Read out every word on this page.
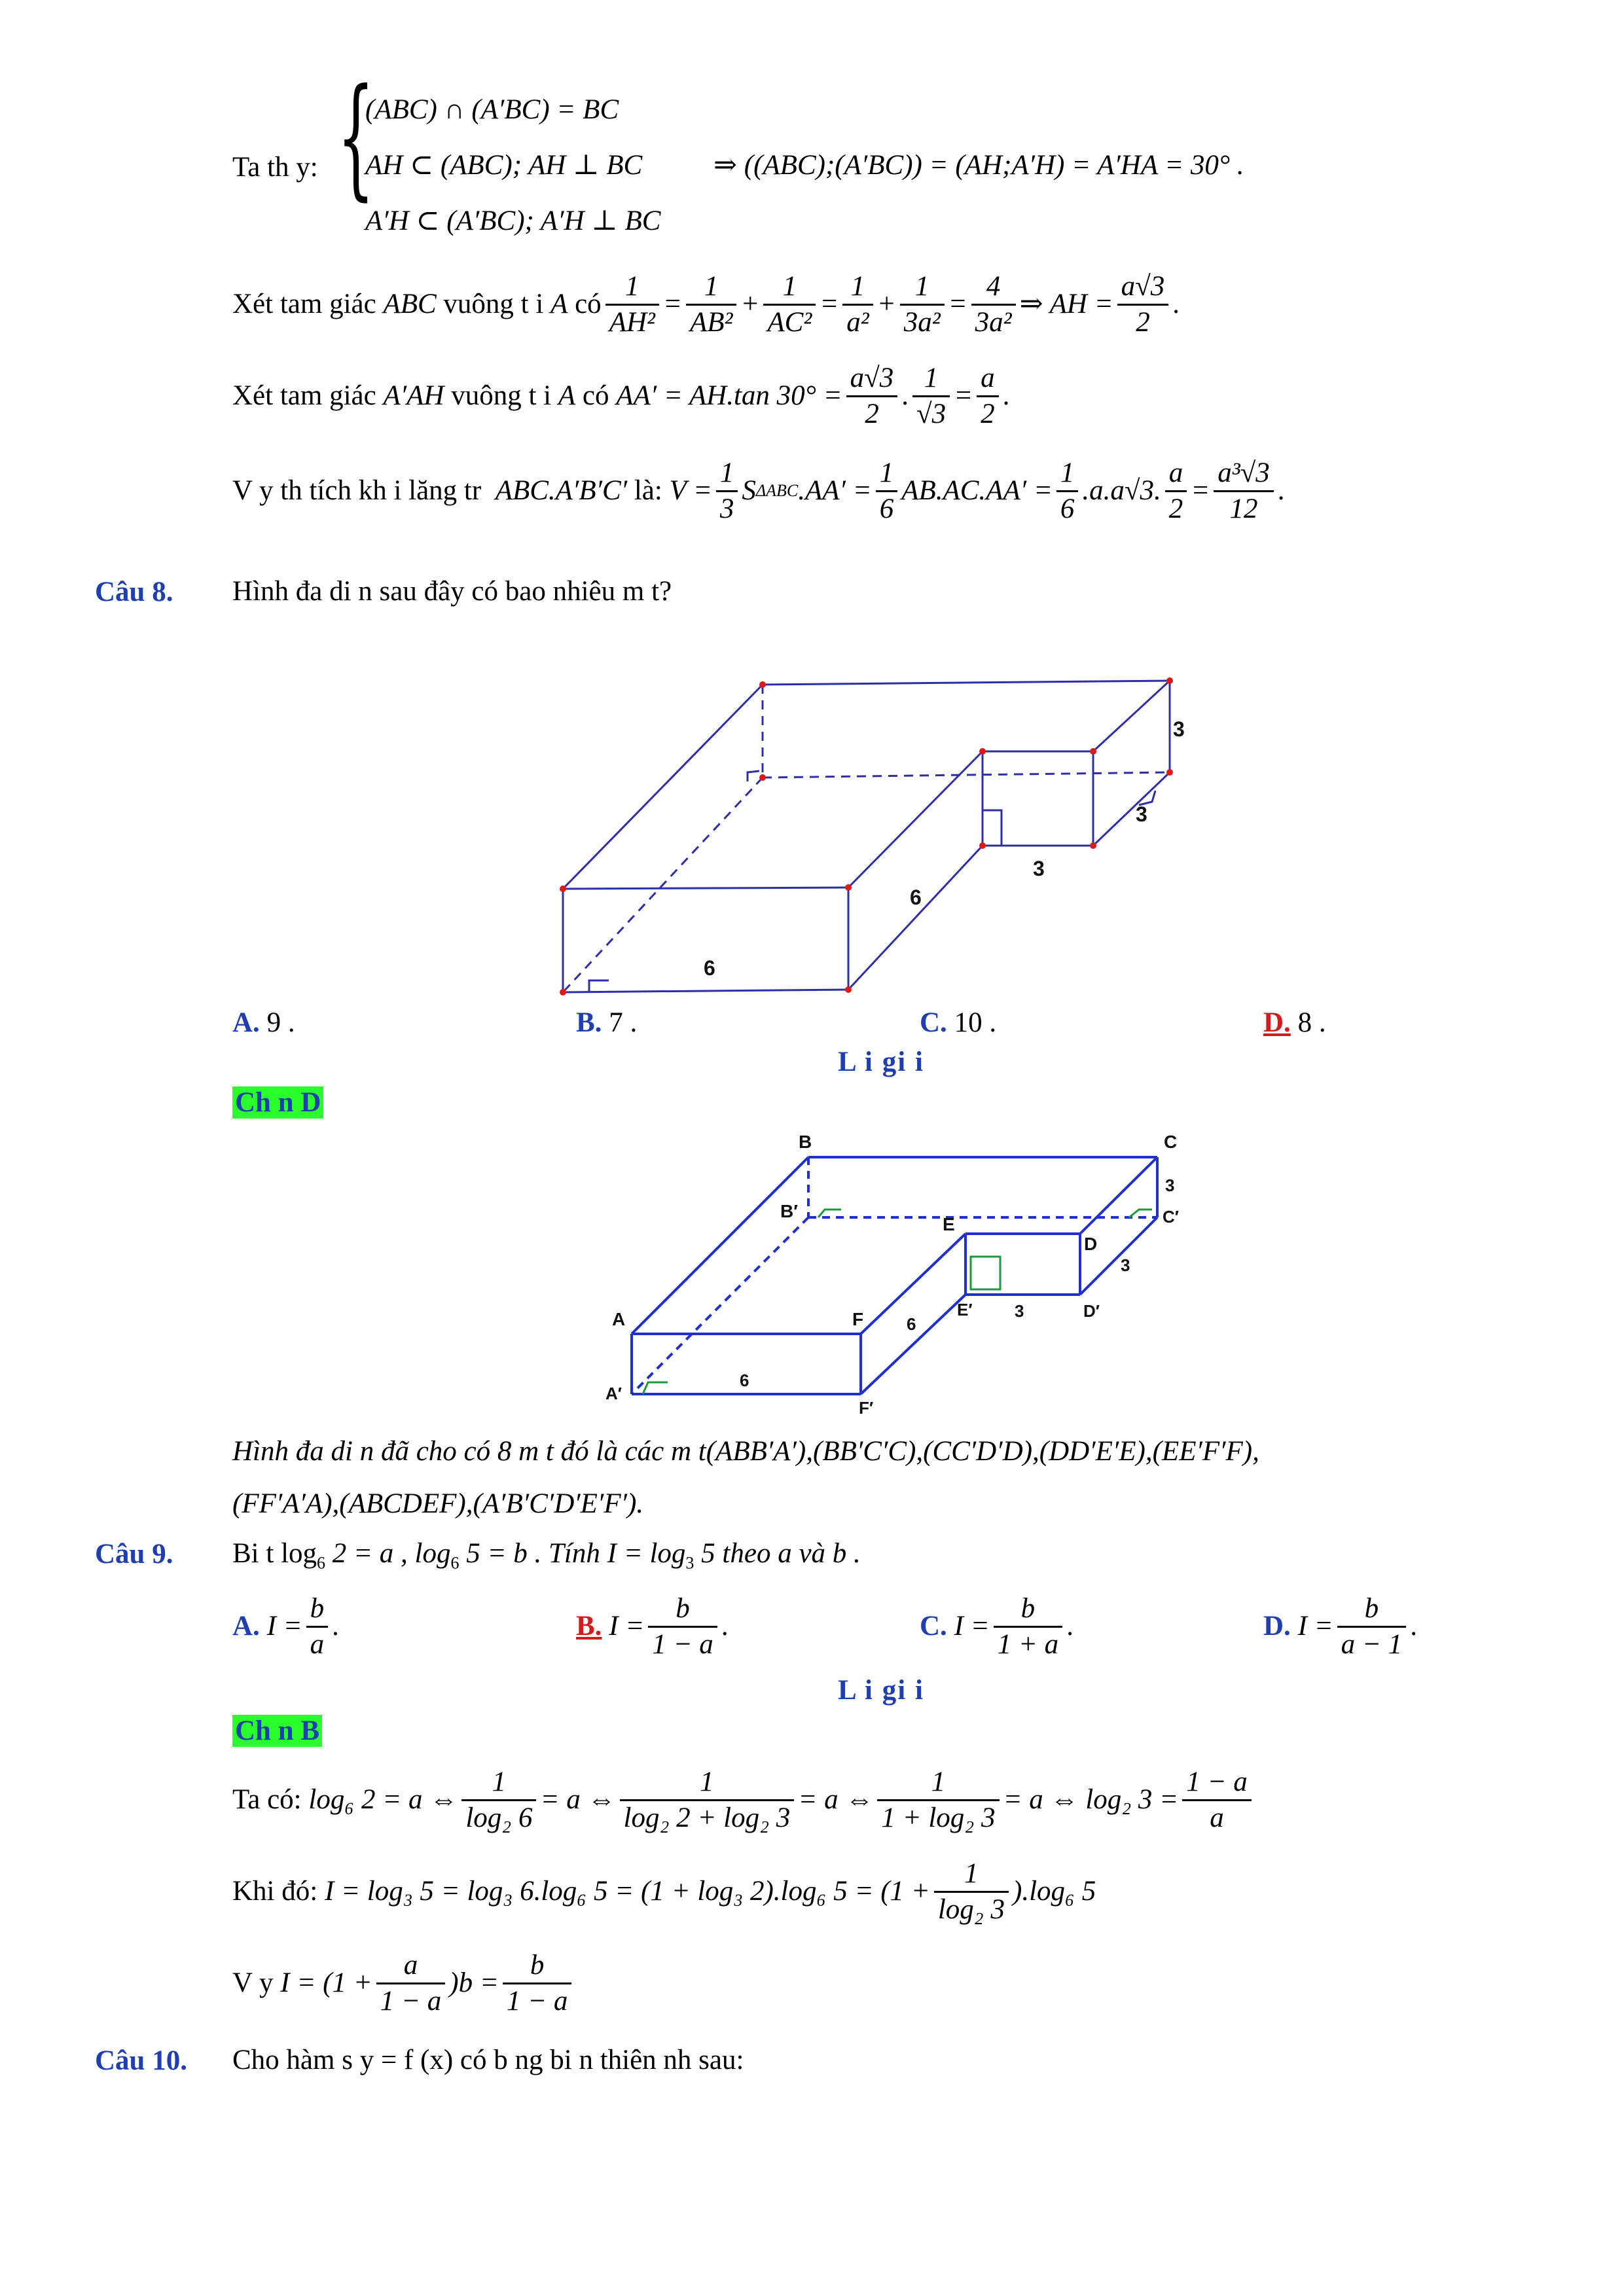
Ta th y: {
(ABC) ∩ (A′BC) = BC
AH ⊂ (ABC); AH ⊥ BC	⇒ ((ABC);(A′BC)) = (AH;A′H) = A′HA = 30° .
A′H ⊂ (A′BC); A′H ⊥ BC
Xét tam giác
ABC
vuông t i
A
có $\frac{1}{\text{AH²}} = \frac{1}{\text{AB²}} + \frac{1}{\text{AC²}} = \frac{1}{\text{a²}} + \frac{1}{\text{3a²}} = \frac{4}{\text{3a²}}$ ⇒ AH = $\frac{a√3}{2}$ .
Xét tam giác
A′AH
vuông t i
A
có
AA′ = AH.tan $30^\circ = \frac{a√3}{2}$ . $\frac{1}{√3} = \frac{a}{2}$ .
V y th tích kh i lăng tr
ABC.A′B′C′
là:
$V = \frac{1}{3}$ S ΔABC $.AA' = \frac{1}{6} AB.AC.AA' = \frac{1}{6} .a.a√3$. $\frac{a}{2} = \frac{\text{a³√3}}{12}$ .
Câu 8. Hình đa di n sau đây có bao nhiêu m t?
3
3
3
6
6
A. 9 .	B. 7 .	C. 10 .	D. 8 .
L i gi i
Ch n D
B	C
B′	C′
E
D
A	F	E′	D′
A′
F′
3
3
3
6
6
Hình đa di n đã cho có 8 m t đó là các m t(ABB′A′),(BB′C′C),(CC′D′D),(DD′E′E),(EE′F′F),
(FF′A′A),(ABCDEF),(A′B′C′D′E′F′).
Câu 9. Bi t $\log_6 2 = a$ , $\log_6 5 = b$ . Tính $I = \log_3 5$ theo a và b .
A.
$I = \frac{b}{a}$ .	B.
$I = \frac{b}{1 - a}$ .	C.
$I = \frac{b}{1 + a}$ .	D.
$I = \frac{b}{a - 1}$ .
L i gi i
Ch n B
Ta có:
log₆ 2 = a ⇔ $\frac{1}{\text{log₂ 6}} = a$ ⇔ $\frac{1}{\text{log₂ 2 + log₂ 3}} = a$ ⇔ $\frac{1}{\text{1 + log₂ 3}} = a$ ⇔ log₂ $3 = \frac{1 - a}{a}$
Khi đó:
I = log₃ 5 = log₃ 6.log₆ 5 = (1 + log₃ 2).log₆ 5 =
($1 + \frac{1}{\text{log₂ 3}}$ ) .log₆ 5
V y
I =
($1 + \frac{a}{1 - a}$ ) $b = \frac{b}{1 - a}$
Câu 10. Cho hàm s y = f (x) có b ng bi n thiên nh sau:
